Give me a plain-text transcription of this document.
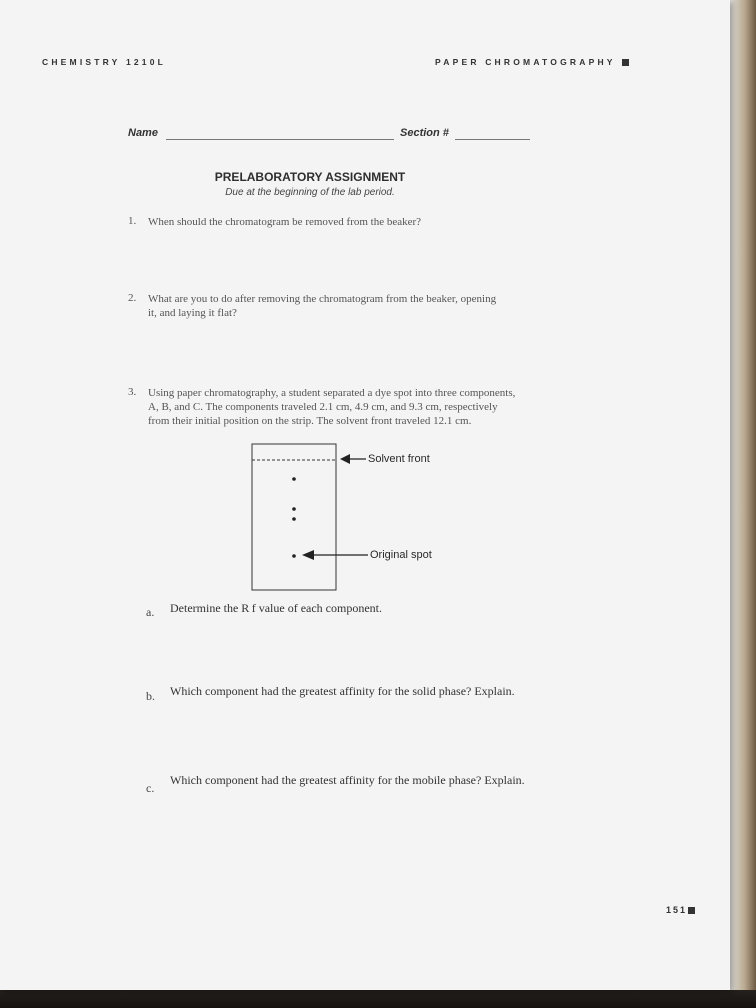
CHEMISTRY 1210L	PAPER CHROMATOGRAPHY
Name	Section #
PRELABORATORY ASSIGNMENT
Due at the beginning of the lab period.
1. When should the chromatogram be removed from the beaker?
2. What are you to do after removing the chromatogram from the beaker, opening
it, and laying it flat?
3. Using paper chromatography, a student separated a dye spot into three components,
A, B, and C. The components traveled 2.1 cm, 4.9 cm, and 9.3 cm, respectively
from their initial position on the strip. The solvent front traveled 12.1 cm.
Solvent front
Original spot
a. Determine the R f value of each component.
b. Which component had the greatest affinity for the solid phase? Explain.
c.
Which component had the greatest affinity for the mobile phase? Explain.
151
